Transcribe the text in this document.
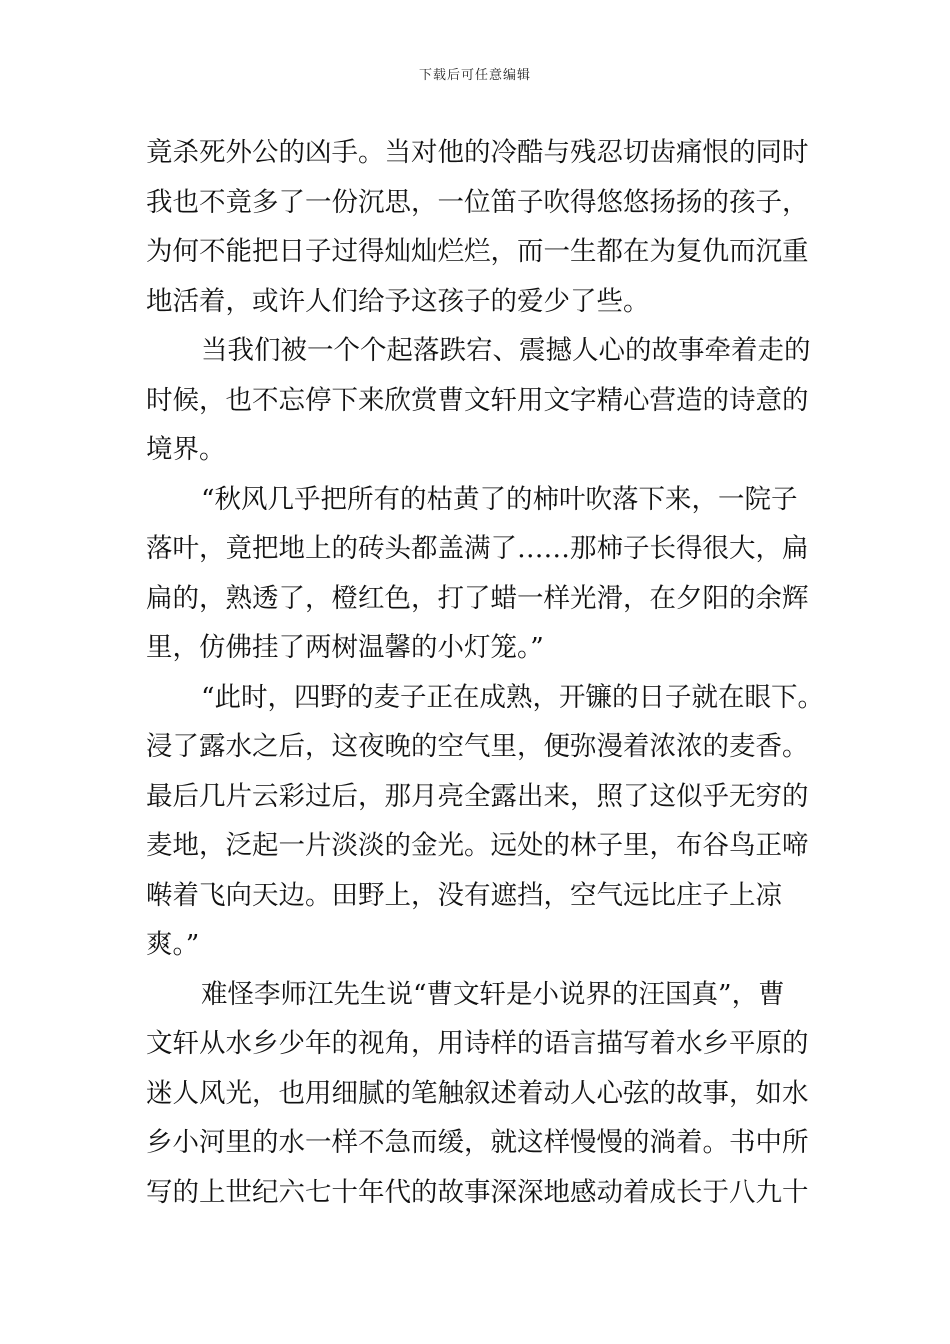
下载后可任意编辑
竟杀死外公的凶手。当对他的冷酷与残忍切齿痛恨的同时
我也不竟多了一份沉思，一位笛子吹得悠悠扬扬的孩子，
为何不能把日子过得灿灿烂烂，而一生都在为复仇而沉重
地活着，或许人们给予这孩子的爱少了些。
当我们被一个个起落跌宕、震撼人心的故事牵着走的
时候，也不忘停下来欣赏曹文轩用文字精心营造的诗意的
境界。
“秋风几乎把所有的枯黄了的柿叶吹落下来，一院子
落叶，竟把地上的砖头都盖满了……那柿子长得很大，扁
扁的，熟透了，橙红色，打了蜡一样光滑，在夕阳的余辉
里，仿佛挂了两树温馨的小灯笼。”
“此时，四野的麦子正在成熟，开镰的日子就在眼下。
浸了露水之后，这夜晚的空气里，便弥漫着浓浓的麦香。
最后几片云彩过后，那月亮全露出来，照了这似乎无穷的
麦地，泛起一片淡淡的金光。远处的林子里，布谷鸟正啼
啭着飞向天边。田野上，没有遮挡，空气远比庄子上凉
爽。”
难怪李师江先生说“曹文轩是小说界的汪国真”，曹
文轩从水乡少年的视角，用诗样的语言描写着水乡平原的
迷人风光，也用细腻的笔触叙述着动人心弦的故事，如水
乡小河里的水一样不急而缓，就这样慢慢的淌着。书中所
写的上世纪六七十年代的故事深深地感动着成长于八九十
